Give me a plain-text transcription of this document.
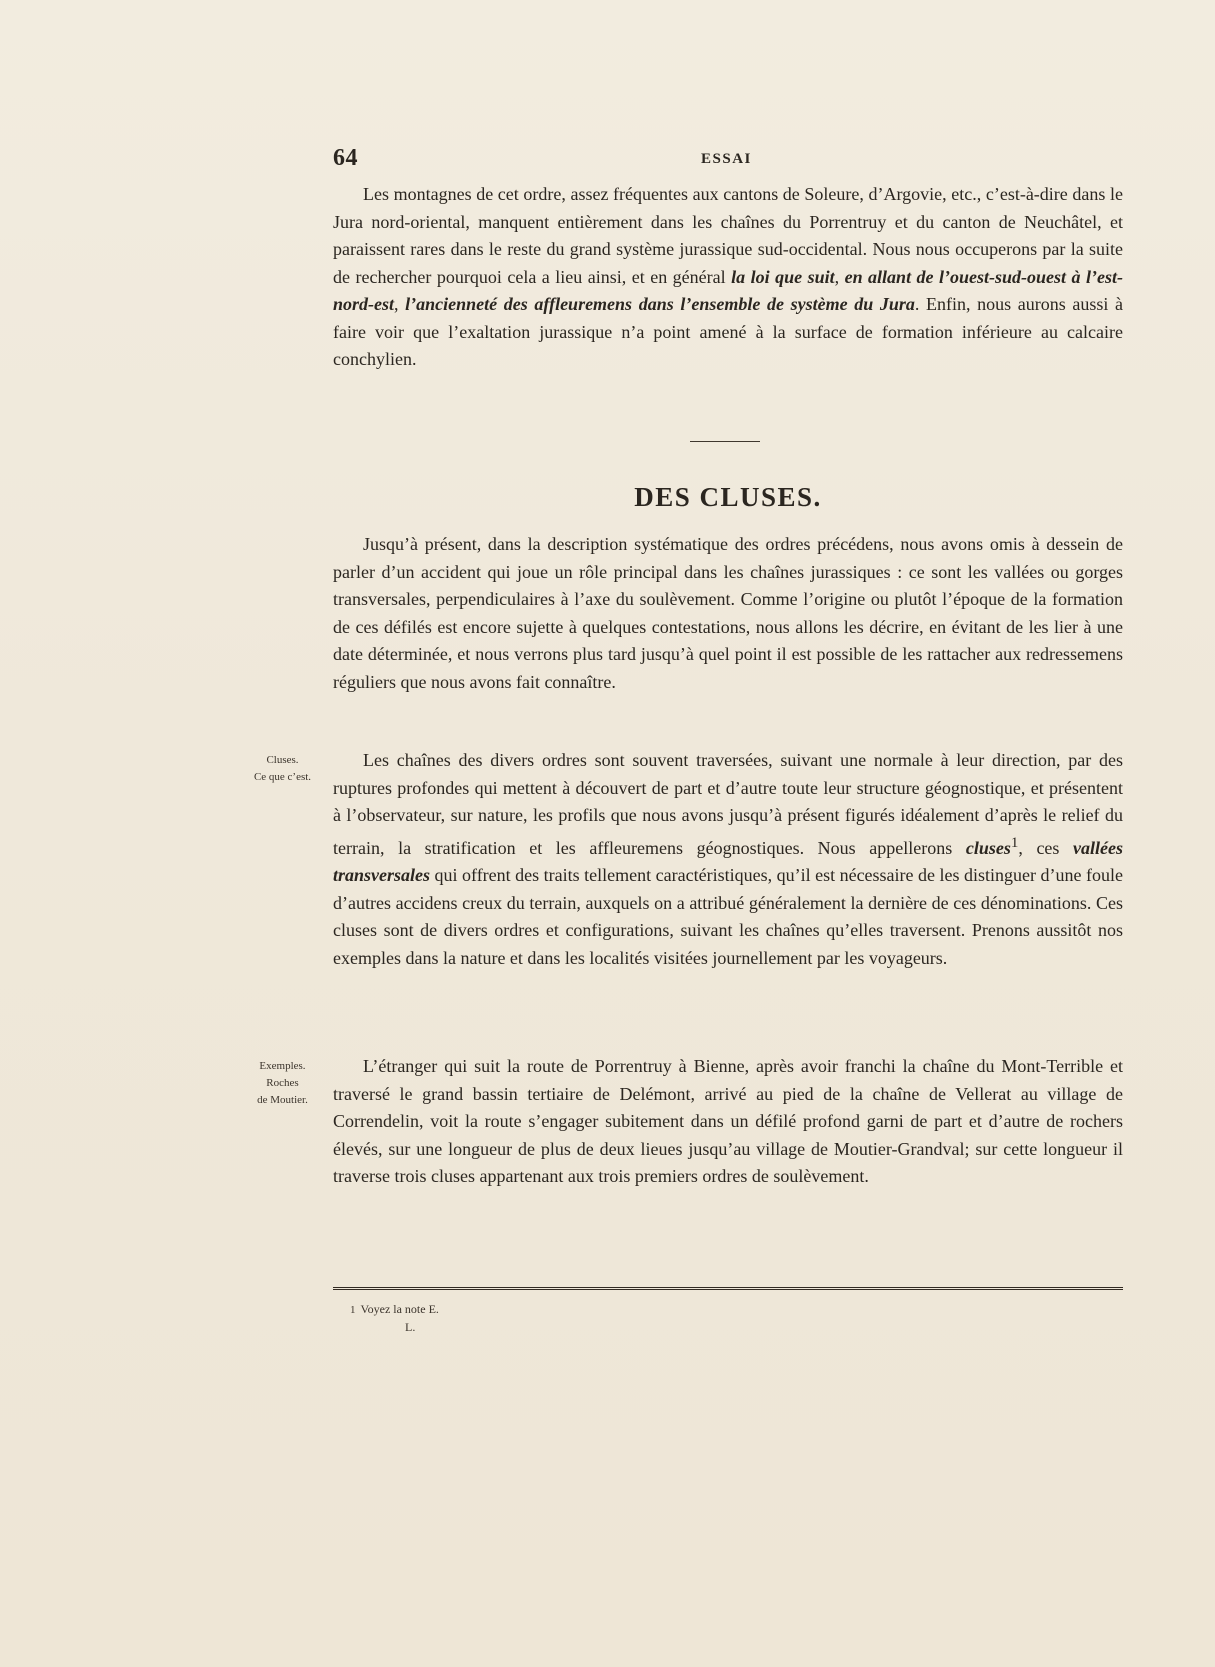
64	ESSAI

Les montagnes de cet ordre, assez fréquentes aux cantons de Soleure, d’Argovie, etc., c’est-à-dire dans le Jura nord-oriental, manquent entièrement dans les chaînes du Porrentruy et du canton de Neuchâtel, et paraissent rares dans le reste du grand système jurassique sud-occidental. Nous nous occuperons par la suite de rechercher pourquoi cela a lieu ainsi, et en général la loi que suit, en allant de l’ouest-sud-ouest à l’est-nord-est, l’ancienneté des affleuremens dans l’ensemble de système du Jura. Enfin, nous aurons aussi à faire voir que l’exaltation jurassique n’a point amené à la surface de formation inférieure au calcaire conchylien.

DES CLUSES.

Jusqu’à présent, dans la description systématique des ordres précédens, nous avons omis à dessein de parler d’un accident qui joue un rôle principal dans les chaînes jurassiques : ce sont les vallées ou gorges transversales, perpendiculaires à l’axe du soulèvement. Comme l’origine ou plutôt l’époque de la formation de ces défilés est encore sujette à quelques contestations, nous allons les décrire, en évitant de les lier à une date déterminée, et nous verrons plus tard jusqu’à quel point il est possible de les rattacher aux redressemens réguliers que nous avons fait connaître.

Cluses.
Ce que c’est.

Les chaînes des divers ordres sont souvent traversées, suivant une normale à leur direction, par des ruptures profondes qui mettent à découvert de part et d’autre toute leur structure géognostique, et présentent à l’observateur, sur nature, les profils que nous avons jusqu’à présent figurés idéalement d’après le relief du terrain, la stratification et les affleuremens géognostiques. Nous appellerons cluses$^1$, ces vallées transversales qui offrent des traits tellement caractéristiques, qu’il est nécessaire de les distinguer d’une foule d’autres accidens creux du terrain, auxquels on a attribué généralement la dernière de ces dénominations. Ces cluses sont de divers ordres et configurations, suivant les chaînes qu’elles traversent. Prenons aussitôt nos exemples dans la nature et dans les localités visitées journellement par les voyageurs.

Exemples.
Roches
de Moutier.

L’étranger qui suit la route de Porrentruy à Bienne, après avoir franchi la chaîne du Mont-Terrible et traversé le grand bassin tertiaire de Delémont, arrivé au pied de la chaîne de Vellerat au village de Correndelin, voit la route s’engager subitement dans un défilé profond garni de part et d’autre de rochers élevés, sur une longueur de plus de deux lieues jusqu’au village de Moutier-Grandval; sur cette longueur il traverse trois cluses appartenant aux trois premiers ordres de soulèvement.

1 Voyez la note E.
L.
